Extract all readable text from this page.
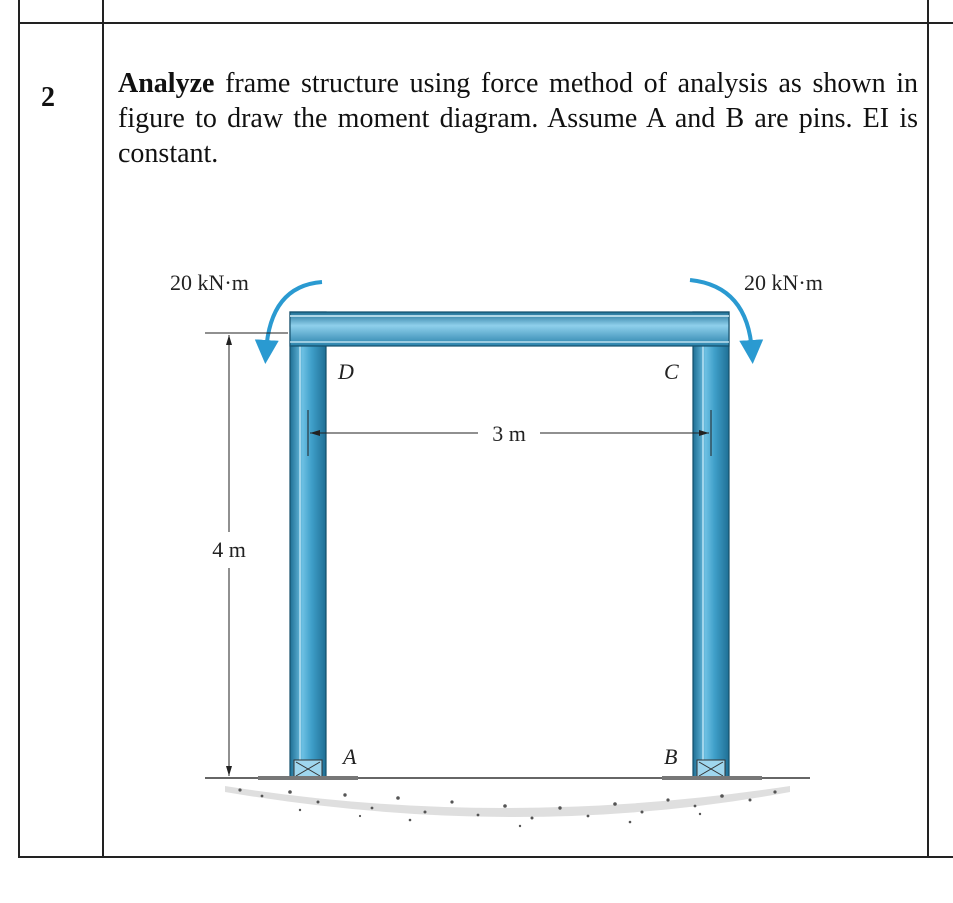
2	Analyze frame structure using force method of analysis as shown in figure to draw the moment diagram. Assume A and B are pins. EI is constant.
20 kN·m	20 kN·m
D	C
A	B
3 m
4 m
